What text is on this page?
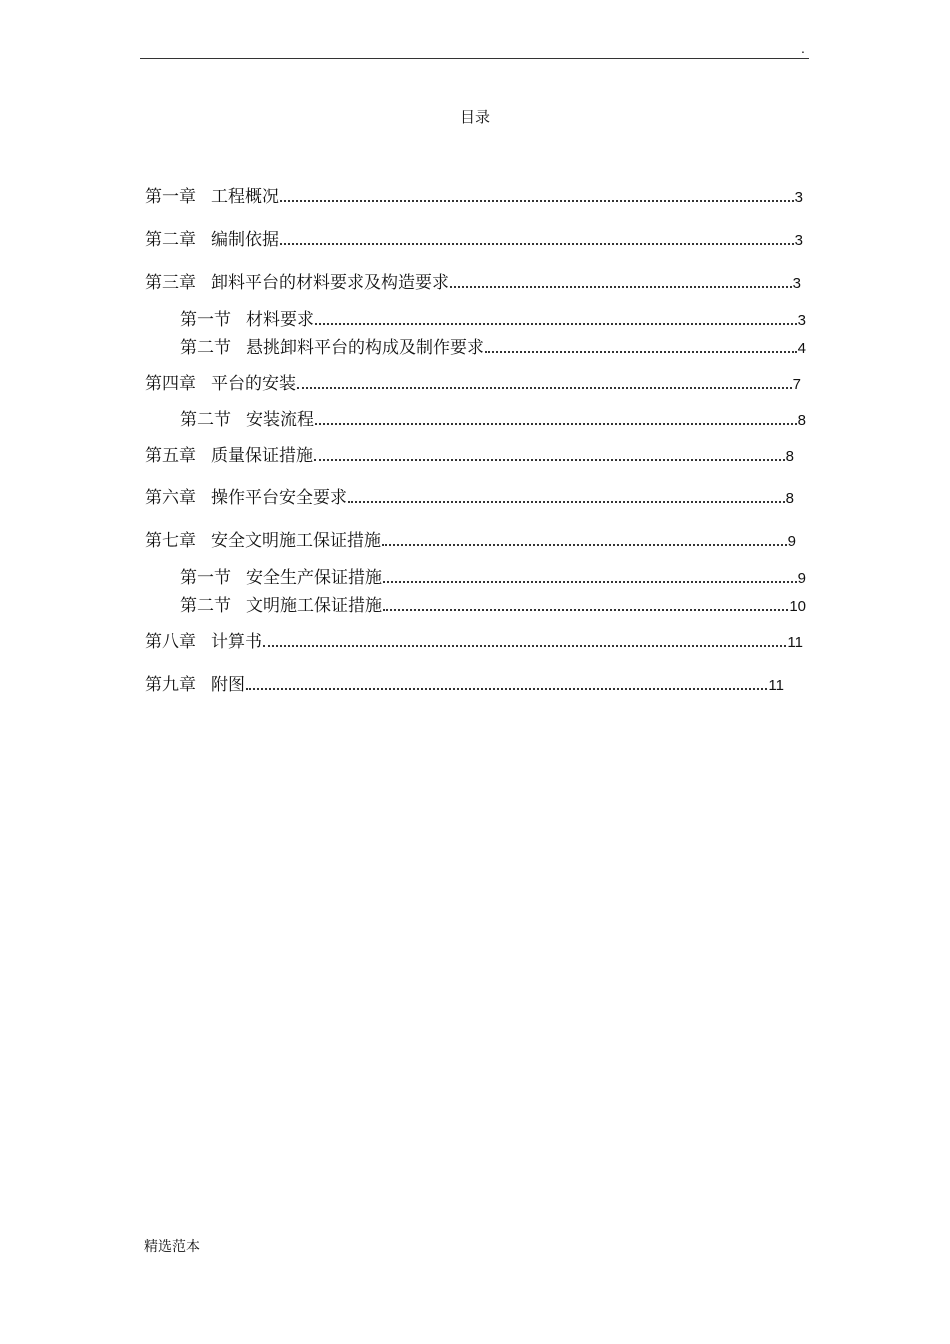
.
目录
第一章 工程概况	3
第二章 编制依据	3
第三章 卸料平台的材料要求及构造要求	3
第一节 材料要求	3
第二节 悬挑卸料平台的构成及制作要求	4
第四章 平台的安装	7
第二节 安装流程	8
第五章 质量保证措施	8
第六章 操作平台安全要求	8
第七章 安全文明施工保证措施	9
第一节 安全生产保证措施	9
第二节 文明施工保证措施	10
第八章 计算书	11
第九章 附图	11
精选范本
